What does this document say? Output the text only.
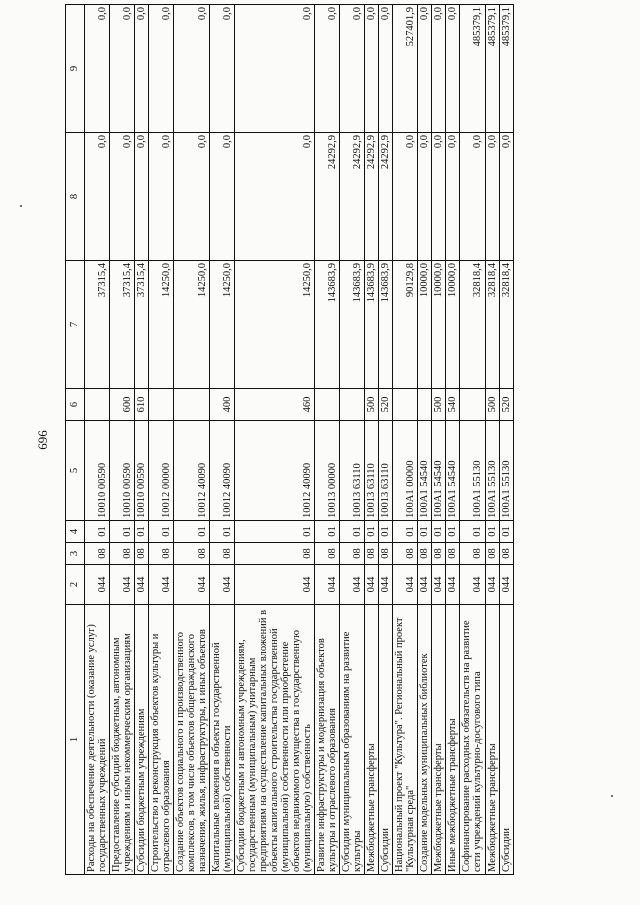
696
1	2	3	4	5	6	7	8	9
Расходы на обеспечение деятельности (оказание услуг) государственных учреждений	044	08	01	10010 00590		37315,4	0,0	0,0
Предоставление субсидий бюджетным, автономным учреждениям и иным некоммерческим организациям	044	08	01	10010 00590	600	37315,4	0,0	0,0
Субсидии бюджетным учреждениям	044	08	01	10010 00590	610	37315,4	0,0	0,0
Строительство и реконструкция объектов культуры и отраслевого образования	044	08	01	10012 00000		14250,0	0,0	0,0
Создание объектов социального и производственного комплексов, в том числе объектов общегражданского назначения, жилья, инфраструктуры, и иных объектов	044	08	01	10012 40090		14250,0	0,0	0,0
Капитальные вложения в объекты государственной (муниципальной) собственности	044	08	01	10012 40090	400	14250,0	0,0	0,0
Субсидии бюджетным и автономным учреждениям, государственным (муниципальным) унитарным предприятиям на осуществление капитальных вложений в объекты капитального строительства государственной (муниципальной) собственности или приобретение объектов недвижимого имущества в государственную (муниципальную) собственность	044	08	01	10012 40090	460	14250,0	0,0	0,0
Развитие инфраструктуры и модернизация объектов культуры и отраслевого образования	044	08	01	10013 00000		143683,9	24292,9	0,0
Субсидии муниципальным образованиям на развитие культуры	044	08	01	10013 63110		143683,9	24292,9	0,0
Межбюджетные трансферты	044	08	01	10013 63110	500	143683,9	24292,9	0,0
Субсидии	044	08	01	10013 63110	520	143683,9	24292,9	0,0
Национальный проект "Культура". Региональный проект "Культурная среда"	044	08	01	100А1 00000		90129,8	0,0	527401,9
Создание модельных муниципальных библиотек	044	08	01	100А1 54540		10000,0	0,0	0,0
Межбюджетные трансферты	044	08	01	100А1 54540	500	10000,0	0,0	0,0
Иные межбюджетные трансферты	044	08	01	100А1 54540	540	10000,0	0,0	0,0
Софинансирование расходных обязательств на развитие сети учреждений культурно-досугового типа	044	08	01	100А1 55130		32818,4	0,0	485379,1
Межбюджетные трансферты	044	08	01	100А1 55130	500	32818,4	0,0	485379,1
Субсидии	044	08	01	100А1 55130	520	32818,4	0,0	485379,1
